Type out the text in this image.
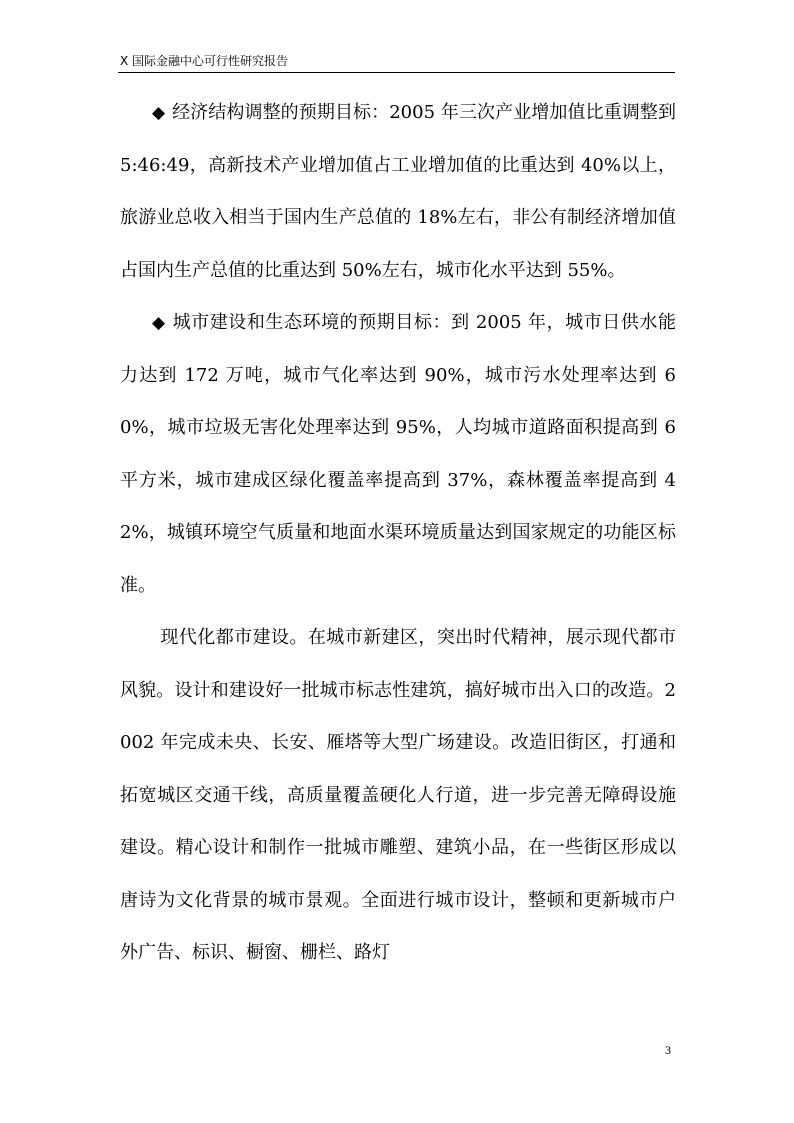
X 国际金融中心可行性研究报告

◆ 经济结构调整的预期目标：2005 年三次产业增加值比重调整到 5:46:49，高新技术产业增加值占工业增加值的比重达到 40%以上，旅游业总收入相当于国内生产总值的 18%左右，非公有制经济增加值占国内生产总值的比重达到 50%左右，城市化水平达到 55%。

◆ 城市建设和生态环境的预期目标：到 2005 年，城市日供水能力达到 172 万吨，城市气化率达到 90%，城市污水处理率达到 60%，城市垃圾无害化处理率达到 95%，人均城市道路面积提高到 6 平方米，城市建成区绿化覆盖率提高到 37%，森林覆盖率提高到 42%，城镇环境空气质量和地面水渠环境质量达到国家规定的功能区标准。

现代化都市建设。在城市新建区，突出时代精神，展示现代都市风貌。设计和建设好一批城市标志性建筑，搞好城市出入口的改造。2002 年完成未央、长安、雁塔等大型广场建设。改造旧街区，打通和拓宽城区交通干线，高质量覆盖硬化人行道，进一步完善无障碍设施建设。精心设计和制作一批城市雕塑、建筑小品，在一些街区形成以唐诗为文化背景的城市景观。全面进行城市设计，整顿和更新城市户外广告、标识、橱窗、栅栏、路灯

3
